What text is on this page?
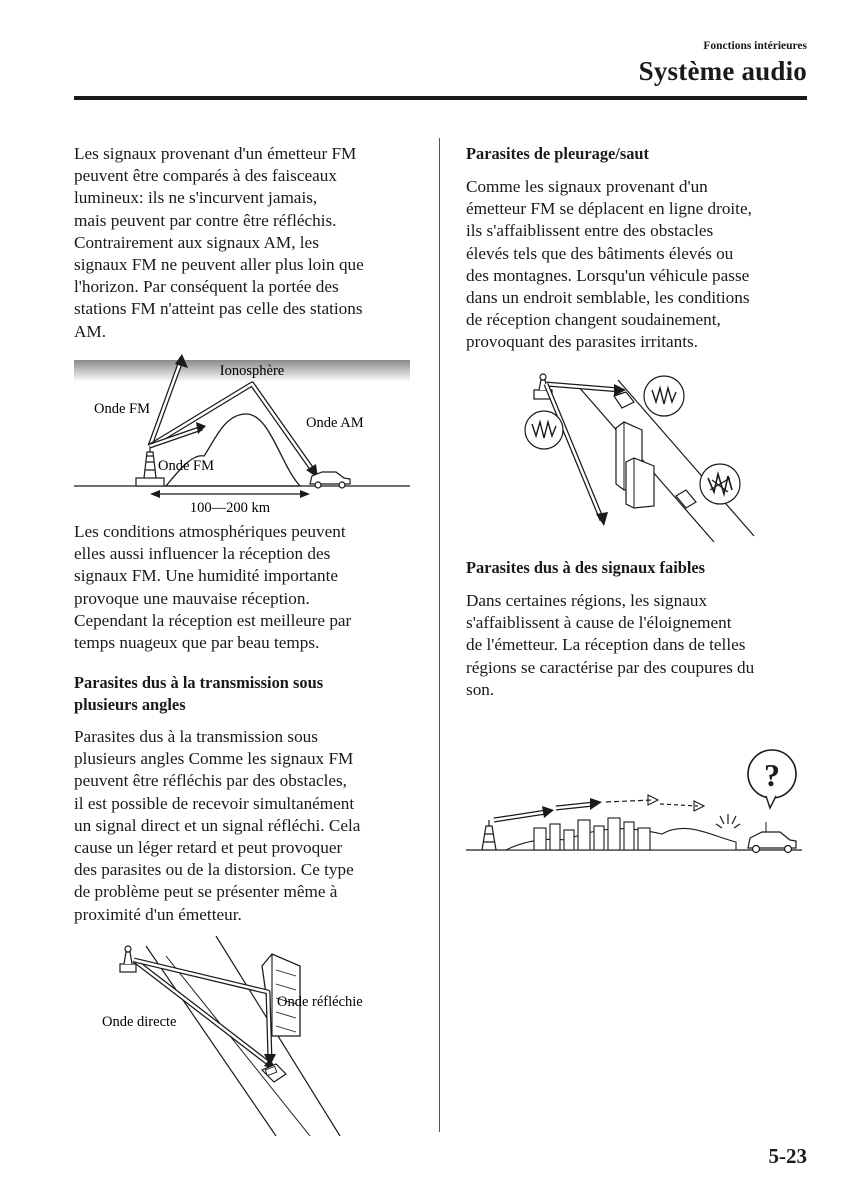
Fonctions intérieures
Système audio
Les signaux provenant d'un émetteur FM
peuvent être comparés à des faisceaux
lumineux: ils ne s'incurvent jamais,
mais peuvent par contre être réfléchis.
Contrairement aux signaux AM, les
signaux FM ne peuvent aller plus loin que
l'horizon. Par conséquent la portée des
stations FM n'atteint pas celle des stations
AM.
Ionosphère
Onde FM
Onde AM
Onde FM
100—200 km
Les conditions atmosphériques peuvent
elles aussi influencer la réception des
signaux FM. Une humidité importante
provoque une mauvaise réception.
Cependant la réception est meilleure par
temps nuageux que par beau temps.
Parasites dus à la transmission sous
plusieurs angles
Parasites dus à la transmission sous
plusieurs angles Comme les signaux FM
peuvent être réfléchis par des obstacles,
il est possible de recevoir simultanément
un signal direct et un signal réfléchi. Cela
cause un léger retard et peut provoquer
des parasites ou de la distorsion. Ce type
de problème peut se présenter même à
proximité d'un émetteur.
Onde réfléchie
Onde directe
Parasites de pleurage/saut
Comme les signaux provenant d'un
émetteur FM se déplacent en ligne droite,
ils s'affaiblissent entre des obstacles
élevés tels que des bâtiments élevés ou
des montagnes. Lorsqu'un véhicule passe
dans un endroit semblable, les conditions
de réception changent soudainement,
provoquant des parasites irritants.
Parasites dus à des signaux faibles
Dans certaines régions, les signaux
s'affaiblissent à cause de l'éloignement
de l'émetteur. La réception dans de telles
régions se caractérise par des coupures du
son.
?
5-23
